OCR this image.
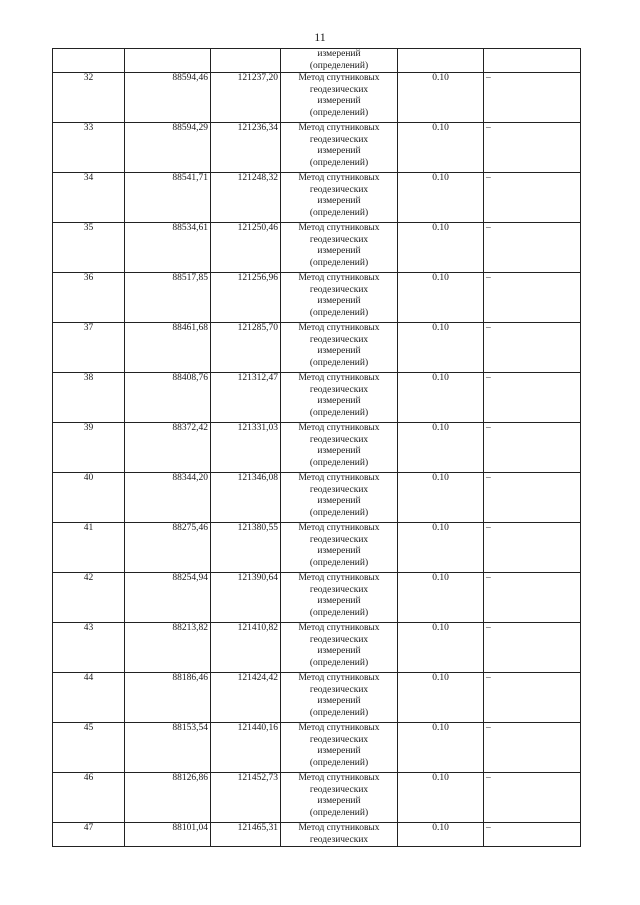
11

			измерений
(определений)		

32	88594,46	121237,20	Метод спутниковых
геодезических
измерений
(определений)	0.10	–
33	88594,29	121236,34	Метод спутниковых
геодезических
измерений
(определений)	0.10	–
34	88541,71	121248,32	Метод спутниковых
геодезических
измерений
(определений)	0.10	–
35	88534,61	121250,46	Метод спутниковых
геодезических
измерений
(определений)	0.10	–
36	88517,85	121256,96	Метод спутниковых
геодезических
измерений
(определений)	0.10	–
37	88461,68	121285,70	Метод спутниковых
геодезических
измерений
(определений)	0.10	–
38	88408,76	121312,47	Метод спутниковых
геодезических
измерений
(определений)	0.10	–
39	88372,42	121331,03	Метод спутниковых
геодезических
измерений
(определений)	0.10	–
40	88344,20	121346,08	Метод спутниковых
геодезических
измерений
(определений)	0.10	–
41	88275,46	121380,55	Метод спутниковых
геодезических
измерений
(определений)	0.10	–
42	88254,94	121390,64	Метод спутниковых
геодезических
измерений
(определений)	0.10	–
43	88213,82	121410,82	Метод спутниковых
геодезических
измерений
(определений)	0.10	–
44	88186,46	121424,42	Метод спутниковых
геодезических
измерений
(определений)	0.10	–
45	88153,54	121440,16	Метод спутниковых
геодезических
измерений
(определений)	0.10	–
46	88126,86	121452,73	Метод спутниковых
геодезических
измерений
(определений)	0.10	–
47	88101,04	121465,31	Метод спутниковых
геодезических	0.10	–
